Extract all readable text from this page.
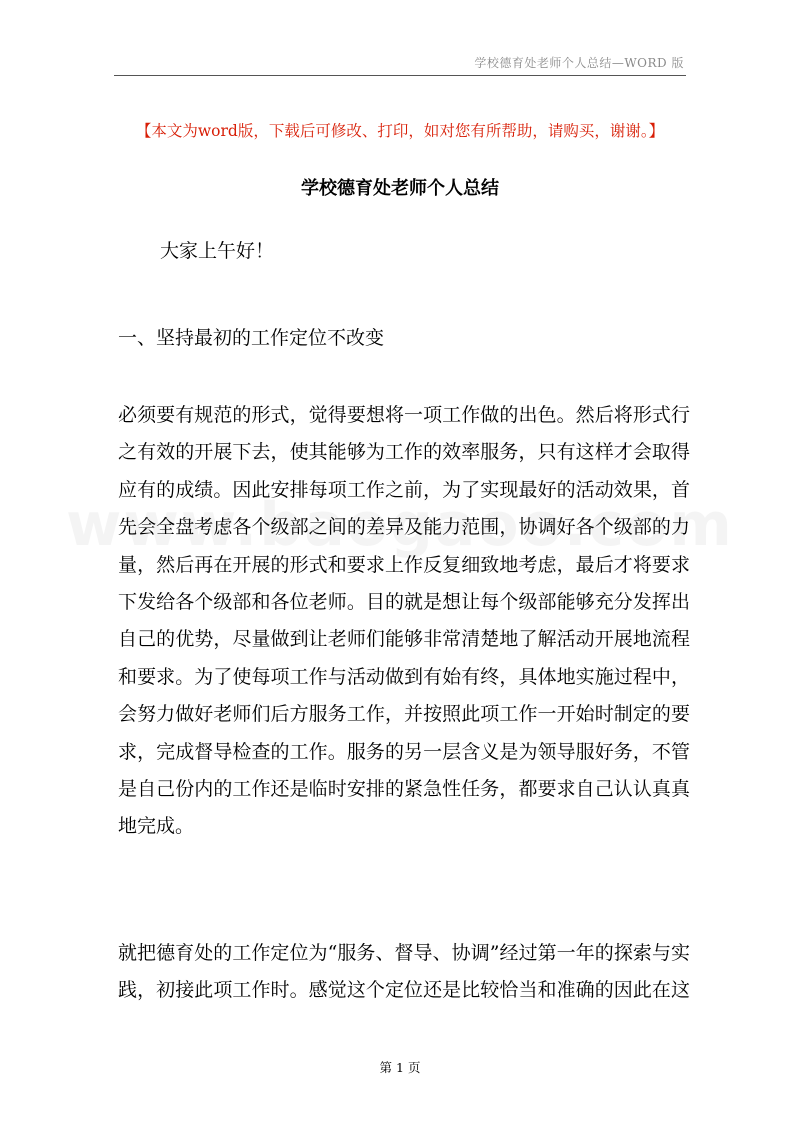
学校德育处老师个人总结—WORD 版
【本文为word版，下载后可修改、打印，如对您有所帮助，请购买，谢谢。】
学校德育处老师个人总结
大家上午好！
一、坚持最初的工作定位不改变
必须要有规范的形式，觉得要想将一项工作做的出色。然后将形式行
之有效的开展下去，使其能够为工作的效率服务，只有这样才会取得
应有的成绩。因此安排每项工作之前，为了实现最好的活动效果，首
先会全盘考虑各个级部之间的差异及能力范围，协调好各个级部的力
量，然后再在开展的形式和要求上作反复细致地考虑，最后才将要求
下发给各个级部和各位老师。目的就是想让每个级部能够充分发挥出
自己的优势，尽量做到让老师们能够非常清楚地了解活动开展地流程
和要求。为了使每项工作与活动做到有始有终，具体地实施过程中，
会努力做好老师们后方服务工作，并按照此项工作一开始时制定的要
求，完成督导检查的工作。服务的另一层含义是为领导服好务，不管
是自己份内的工作还是临时安排的紧急性任务，都要求自己认认真真
地完成。
就把德育处的工作定位为“服务、督导、协调”经过第一年的探索与实
践，初接此项工作时。感觉这个定位还是比较恰当和准确的因此在这
第 1 页
